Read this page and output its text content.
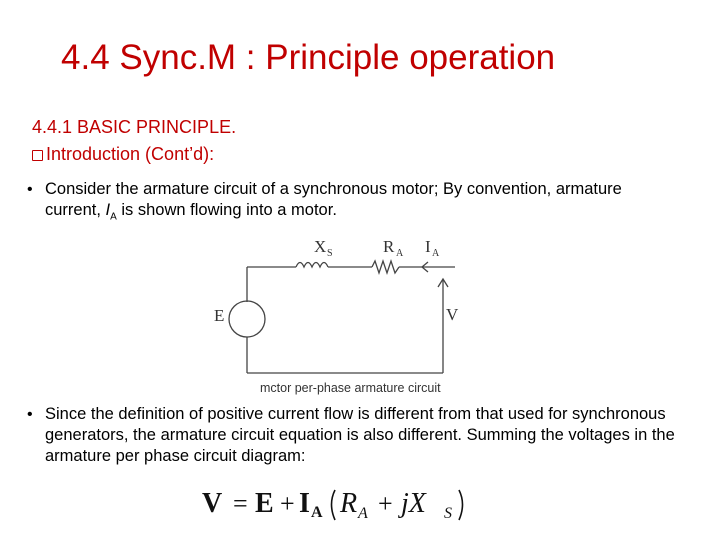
4.4 Sync.M : Principle operation
4.4.1 BASIC PRINCIPLE.
Introduction (Cont’d):
• Consider the armature circuit of a synchronous motor; By convention, armature current, $I_A$ is shown flowing into a motor.
X S	R A I A
E	V
mctor per-phase armature circuit
• Since the definition of positive current flow is different from that used for synchronous generators, the armature circuit equation is also different. Summing the voltages in the armature per phase circuit diagram:
V = E + I A R A + jX S
